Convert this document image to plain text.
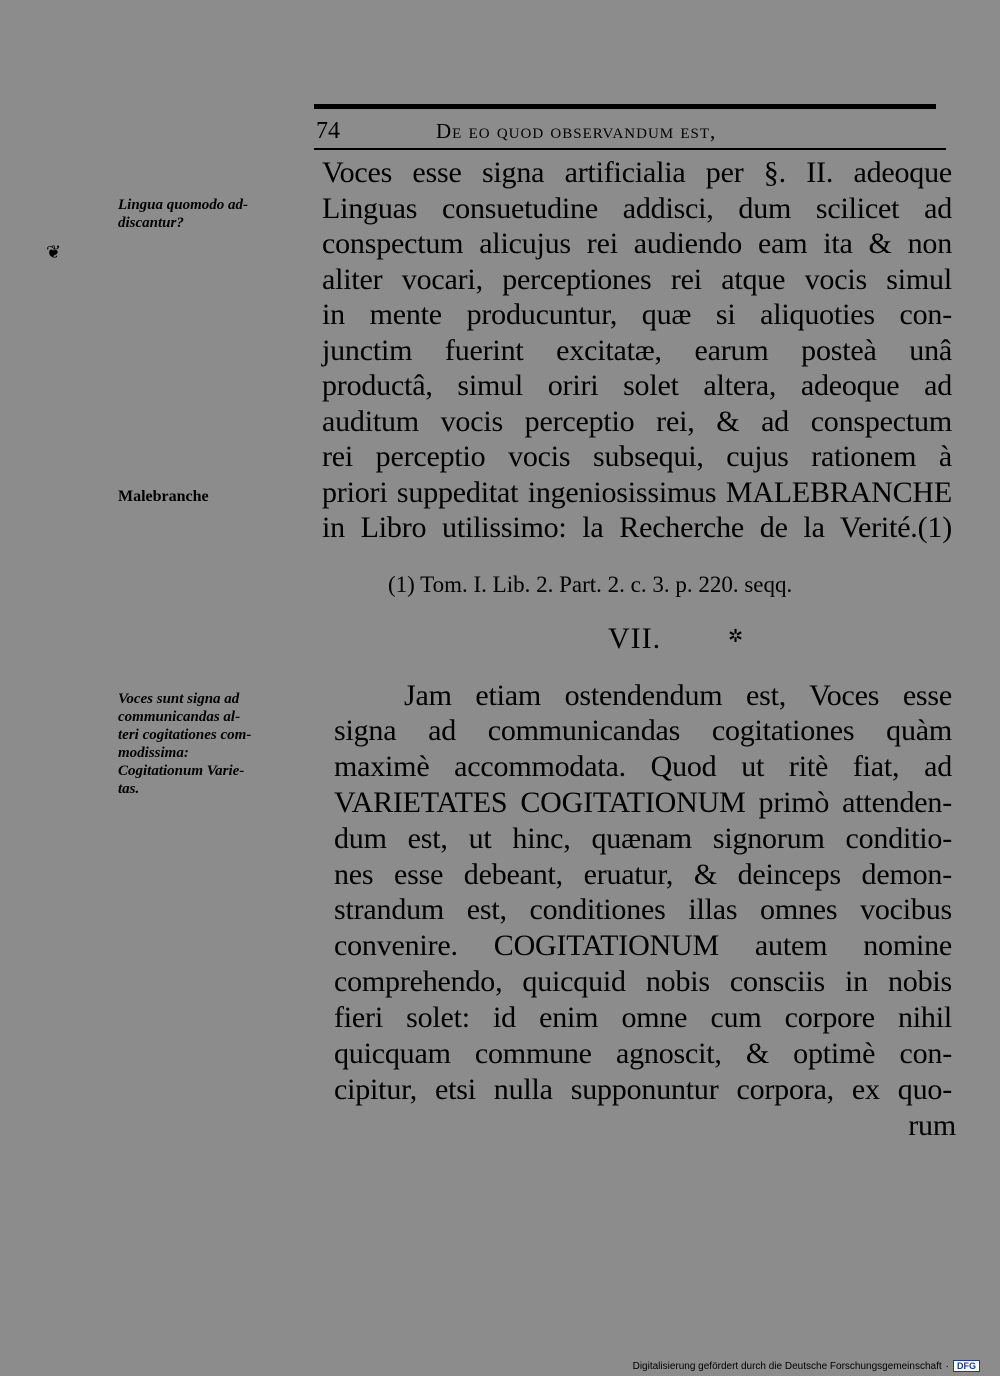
74	De eo quod observandum est,
Lingua quomodo ad-
discantur?
Malebranche
Voces sunt signa ad
communicandas al-
teri cogitationes com-
modissima:
Cogitationum Varie-
tas.
❦
Voces esse signa artificialia per §. II. adeoque
Linguas consuetudine addisci, dum scilicet ad
conspectum alicujus rei audiendo eam ita & non
aliter vocari, perceptiones rei atque vocis simul
in mente producuntur, quæ si aliquoties con-
junctim fuerint excitatæ, earum posteà unâ
productâ, simul oriri solet altera, adeoque ad
auditum vocis perceptio rei, & ad conspectum
rei perceptio vocis subsequi, cujus rationem à
priori suppeditat ingeniosissimus MALEBRANCHE
in Libro utilissimo: la Recherche de la Verité.(1)
(1) Tom. I. Lib. 2. Part. 2. c. 3. p. 220. seqq.
VII.	✲
Jam etiam ostendendum est, Voces esse
signa ad communicandas cogitationes quàm
maximè accommodata. Quod ut ritè fiat, ad
VARIETATES COGITATIONUM primò attenden-
dum est, ut hinc, quænam signorum conditio-
nes esse debeant, eruatur, & deinceps demon-
strandum est, conditiones illas omnes vocibus
convenire. COGITATIONUM autem nomine
comprehendo, quicquid nobis consciis in nobis
fieri solet: id enim omne cum corpore nihil
quicquam commune agnoscit, & optimè con-
cipitur, etsi nulla supponuntur corpora, ex quo-
rum
Digitalisierung gefördert durch die Deutsche Forschungsgemeinschaft · DFG
